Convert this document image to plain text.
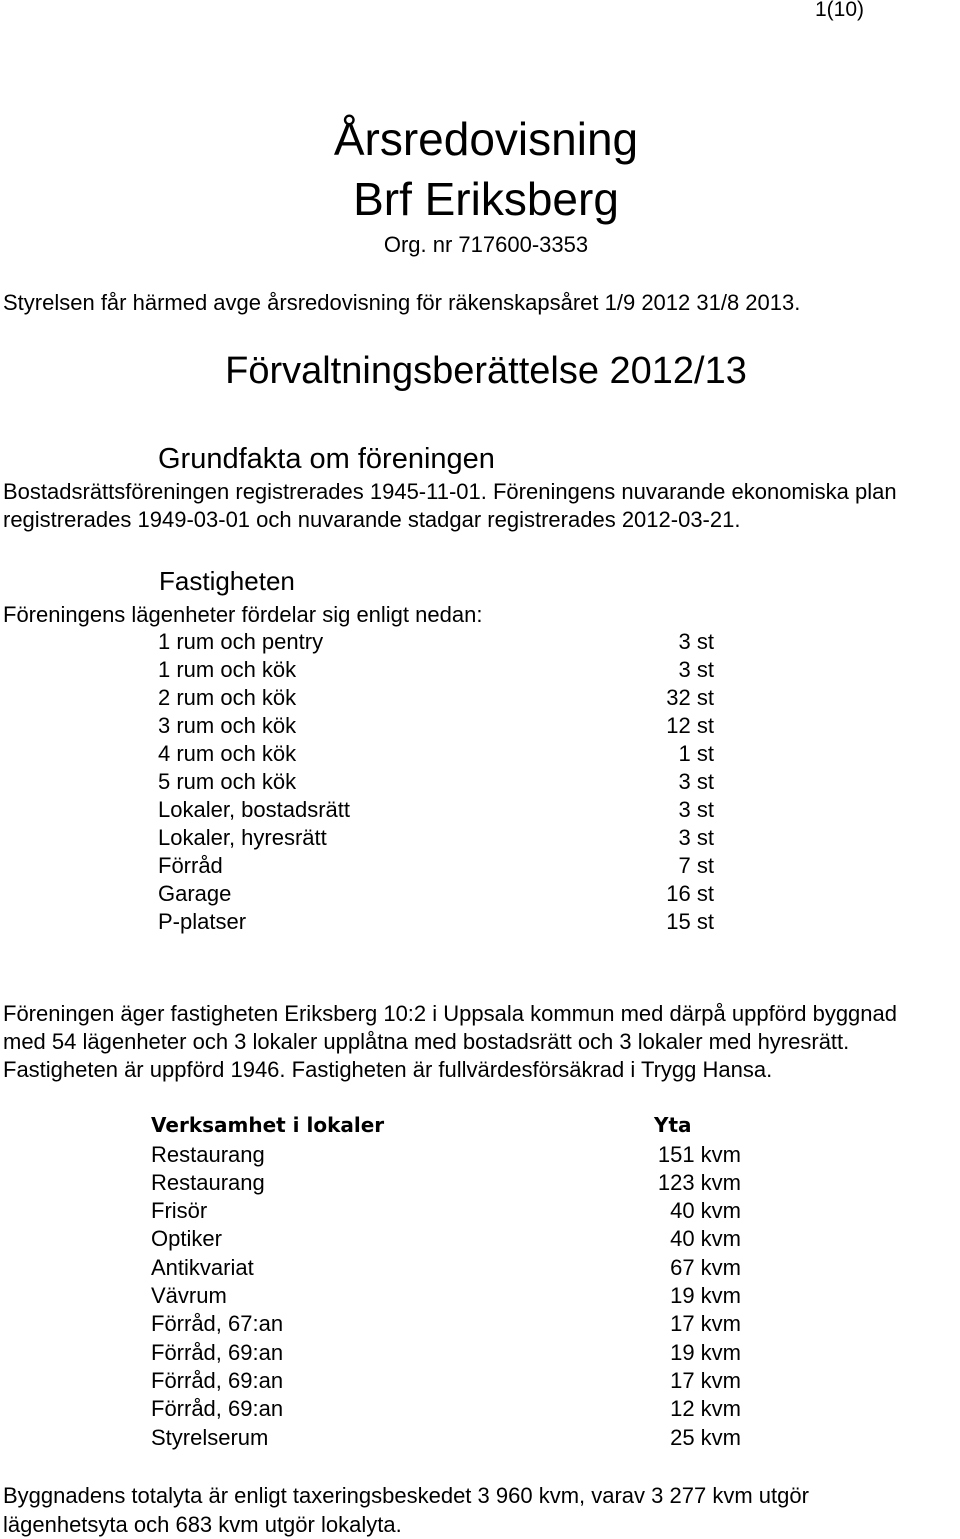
1(10)
Årsredovisning
Brf Eriksberg
Org. nr 717600-3353
Styrelsen får härmed avge årsredovisning för räkenskapsåret 1/9 2012 31/8 2013.
Förvaltningsberättelse 2012/13
Grundfakta om föreningen
Bostadsrättsföreningen registrerades 1945-11-01. Föreningens nuvarande ekonomiska plan
registrerades 1949-03-01 och nuvarande stadgar registrerades 2012-03-21.
Fastigheten
Föreningens lägenheter fördelar sig enligt nedan:
1 rum och pentry	3 st
1 rum och kök	3 st
2 rum och kök	32 st
3 rum och kök	12 st
4 rum och kök	1 st
5 rum och kök	3 st
Lokaler, bostadsrätt	3 st
Lokaler, hyresrätt	3 st
Förråd	7 st
Garage	16 st
P-platser	15 st
Föreningen äger fastigheten Eriksberg 10:2 i Uppsala kommun med därpå uppförd byggnad
med 54 lägenheter och 3 lokaler upplåtna med bostadsrätt och 3 lokaler med hyresrätt.
Fastigheten är uppförd 1946. Fastigheten är fullvärdesförsäkrad i Trygg Hansa.
Verksamhet i lokaler	Yta
Restaurang	151 kvm
Restaurang	123 kvm
Frisör	40 kvm
Optiker	40 kvm
Antikvariat	67 kvm
Vävrum	19 kvm
Förråd, 67:an	17 kvm
Förråd, 69:an	19 kvm
Förråd, 69:an	17 kvm
Förråd, 69:an	12 kvm
Styrelserum	25 kvm
Byggnadens totalyta är enligt taxeringsbeskedet 3 960 kvm, varav 3 277 kvm utgör
lägenhetsyta och 683 kvm utgör lokalyta.
